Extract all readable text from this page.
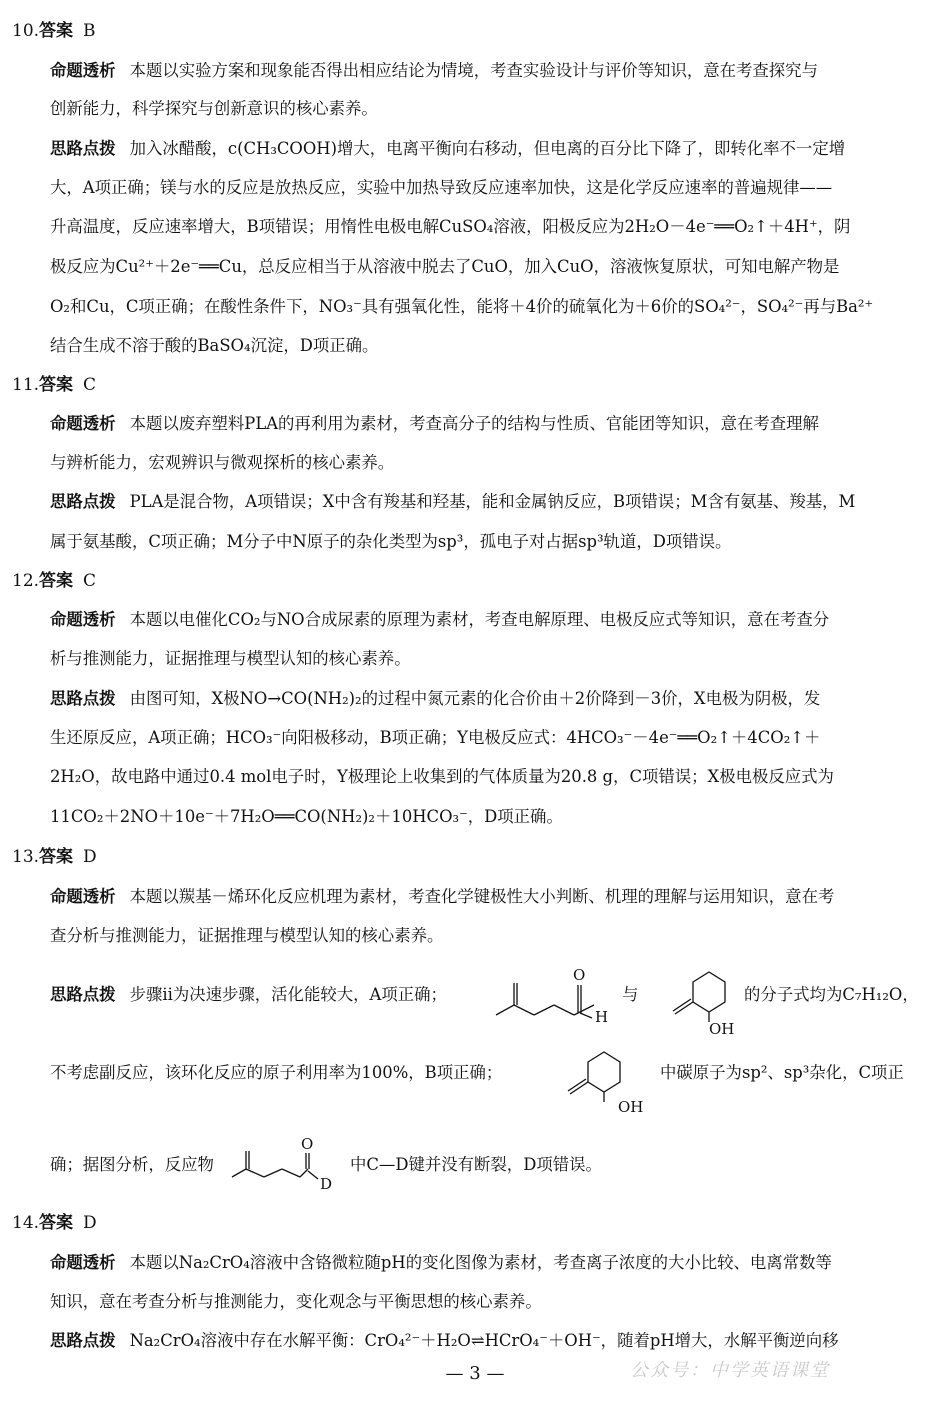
10.答案 B
命题透析 本题以实验方案和现象能否得出相应结论为情境，考查实验设计与评价等知识，意在考查探究与
创新能力，科学探究与创新意识的核心素养。
思路点拨 加入冰醋酸，c(CH₃COOH)增大，电离平衡向右移动，但电离的百分比下降了，即转化率不一定增
大，A项正确；镁与水的反应是放热反应，实验中加热导致反应速率加快，这是化学反应速率的普遍规律——
升高温度，反应速率增大，B项错误；用惰性电极电解CuSO₄溶液，阳极反应为2H₂O－4e⁻══O₂↑＋4H⁺，阴
极反应为Cu²⁺＋2e⁻══Cu，总反应相当于从溶液中脱去了CuO，加入CuO，溶液恢复原状，可知电解产物是
O₂和Cu，C项正确；在酸性条件下，NO₃⁻具有强氧化性，能将＋4价的硫氧化为＋6价的SO₄²⁻，SO₄²⁻再与Ba²⁺
结合生成不溶于酸的BaSO₄沉淀，D项正确。
11.答案 C
命题透析 本题以废弃塑料PLA的再利用为素材，考查高分子的结构与性质、官能团等知识，意在考查理解
与辨析能力，宏观辨识与微观探析的核心素养。
思路点拨 PLA是混合物，A项错误；X中含有羧基和羟基，能和金属钠反应，B项错误；M含有氨基、羧基，M
属于氨基酸，C项正确；M分子中N原子的杂化类型为sp³，孤电子对占据sp³轨道，D项错误。
12.答案 C
命题透析 本题以电催化CO₂与NO合成尿素的原理为素材，考查电解原理、电极反应式等知识，意在考查分
析与推测能力，证据推理与模型认知的核心素养。
思路点拨 由图可知，X极NO→CO(NH₂)₂的过程中氮元素的化合价由＋2价降到－3价，X电极为阴极，发
生还原反应，A项正确；HCO₃⁻向阳极移动，B项正确；Y电极反应式：4HCO₃⁻－4e⁻══O₂↑＋4CO₂↑＋
2H₂O，故电路中通过0.4 mol电子时，Y极理论上收集到的气体质量为20.8 g，C项错误；X极电极反应式为
11CO₂＋2NO＋10e⁻＋7H₂O══CO(NH₂)₂＋10HCO₃⁻，D项正确。
13.答案 D
命题透析 本题以羰基－烯环化反应机理为素材，考查化学键极性大小判断、机理的理解与运用知识，意在考
查分析与推测能力，证据推理与模型认知的核心素养。
思路点拨 步骤ⅱ为决速步骤，活化能较大，A项正确；
O
H
与
OH
的分子式均为C₇H₁₂O，
不考虑副反应，该环化反应的原子利用率为100%，B项正确；
OH
中碳原子为sp²、sp³杂化，C项正
确；据图分析，反应物
O
D
中C—D键并没有断裂，D项错误。
14.答案 D
命题透析 本题以Na₂CrO₄溶液中含铬微粒随pH的变化图像为素材，考查离子浓度的大小比较、电离常数等
知识，意在考查分析与推测能力，变化观念与平衡思想的核心素养。
思路点拨 Na₂CrO₄溶液中存在水解平衡：CrO₄²⁻＋H₂O⇌HCrO₄⁻＋OH⁻，随着pH增大，水解平衡逆向移
— 3 —	公众号：中学英语课堂
